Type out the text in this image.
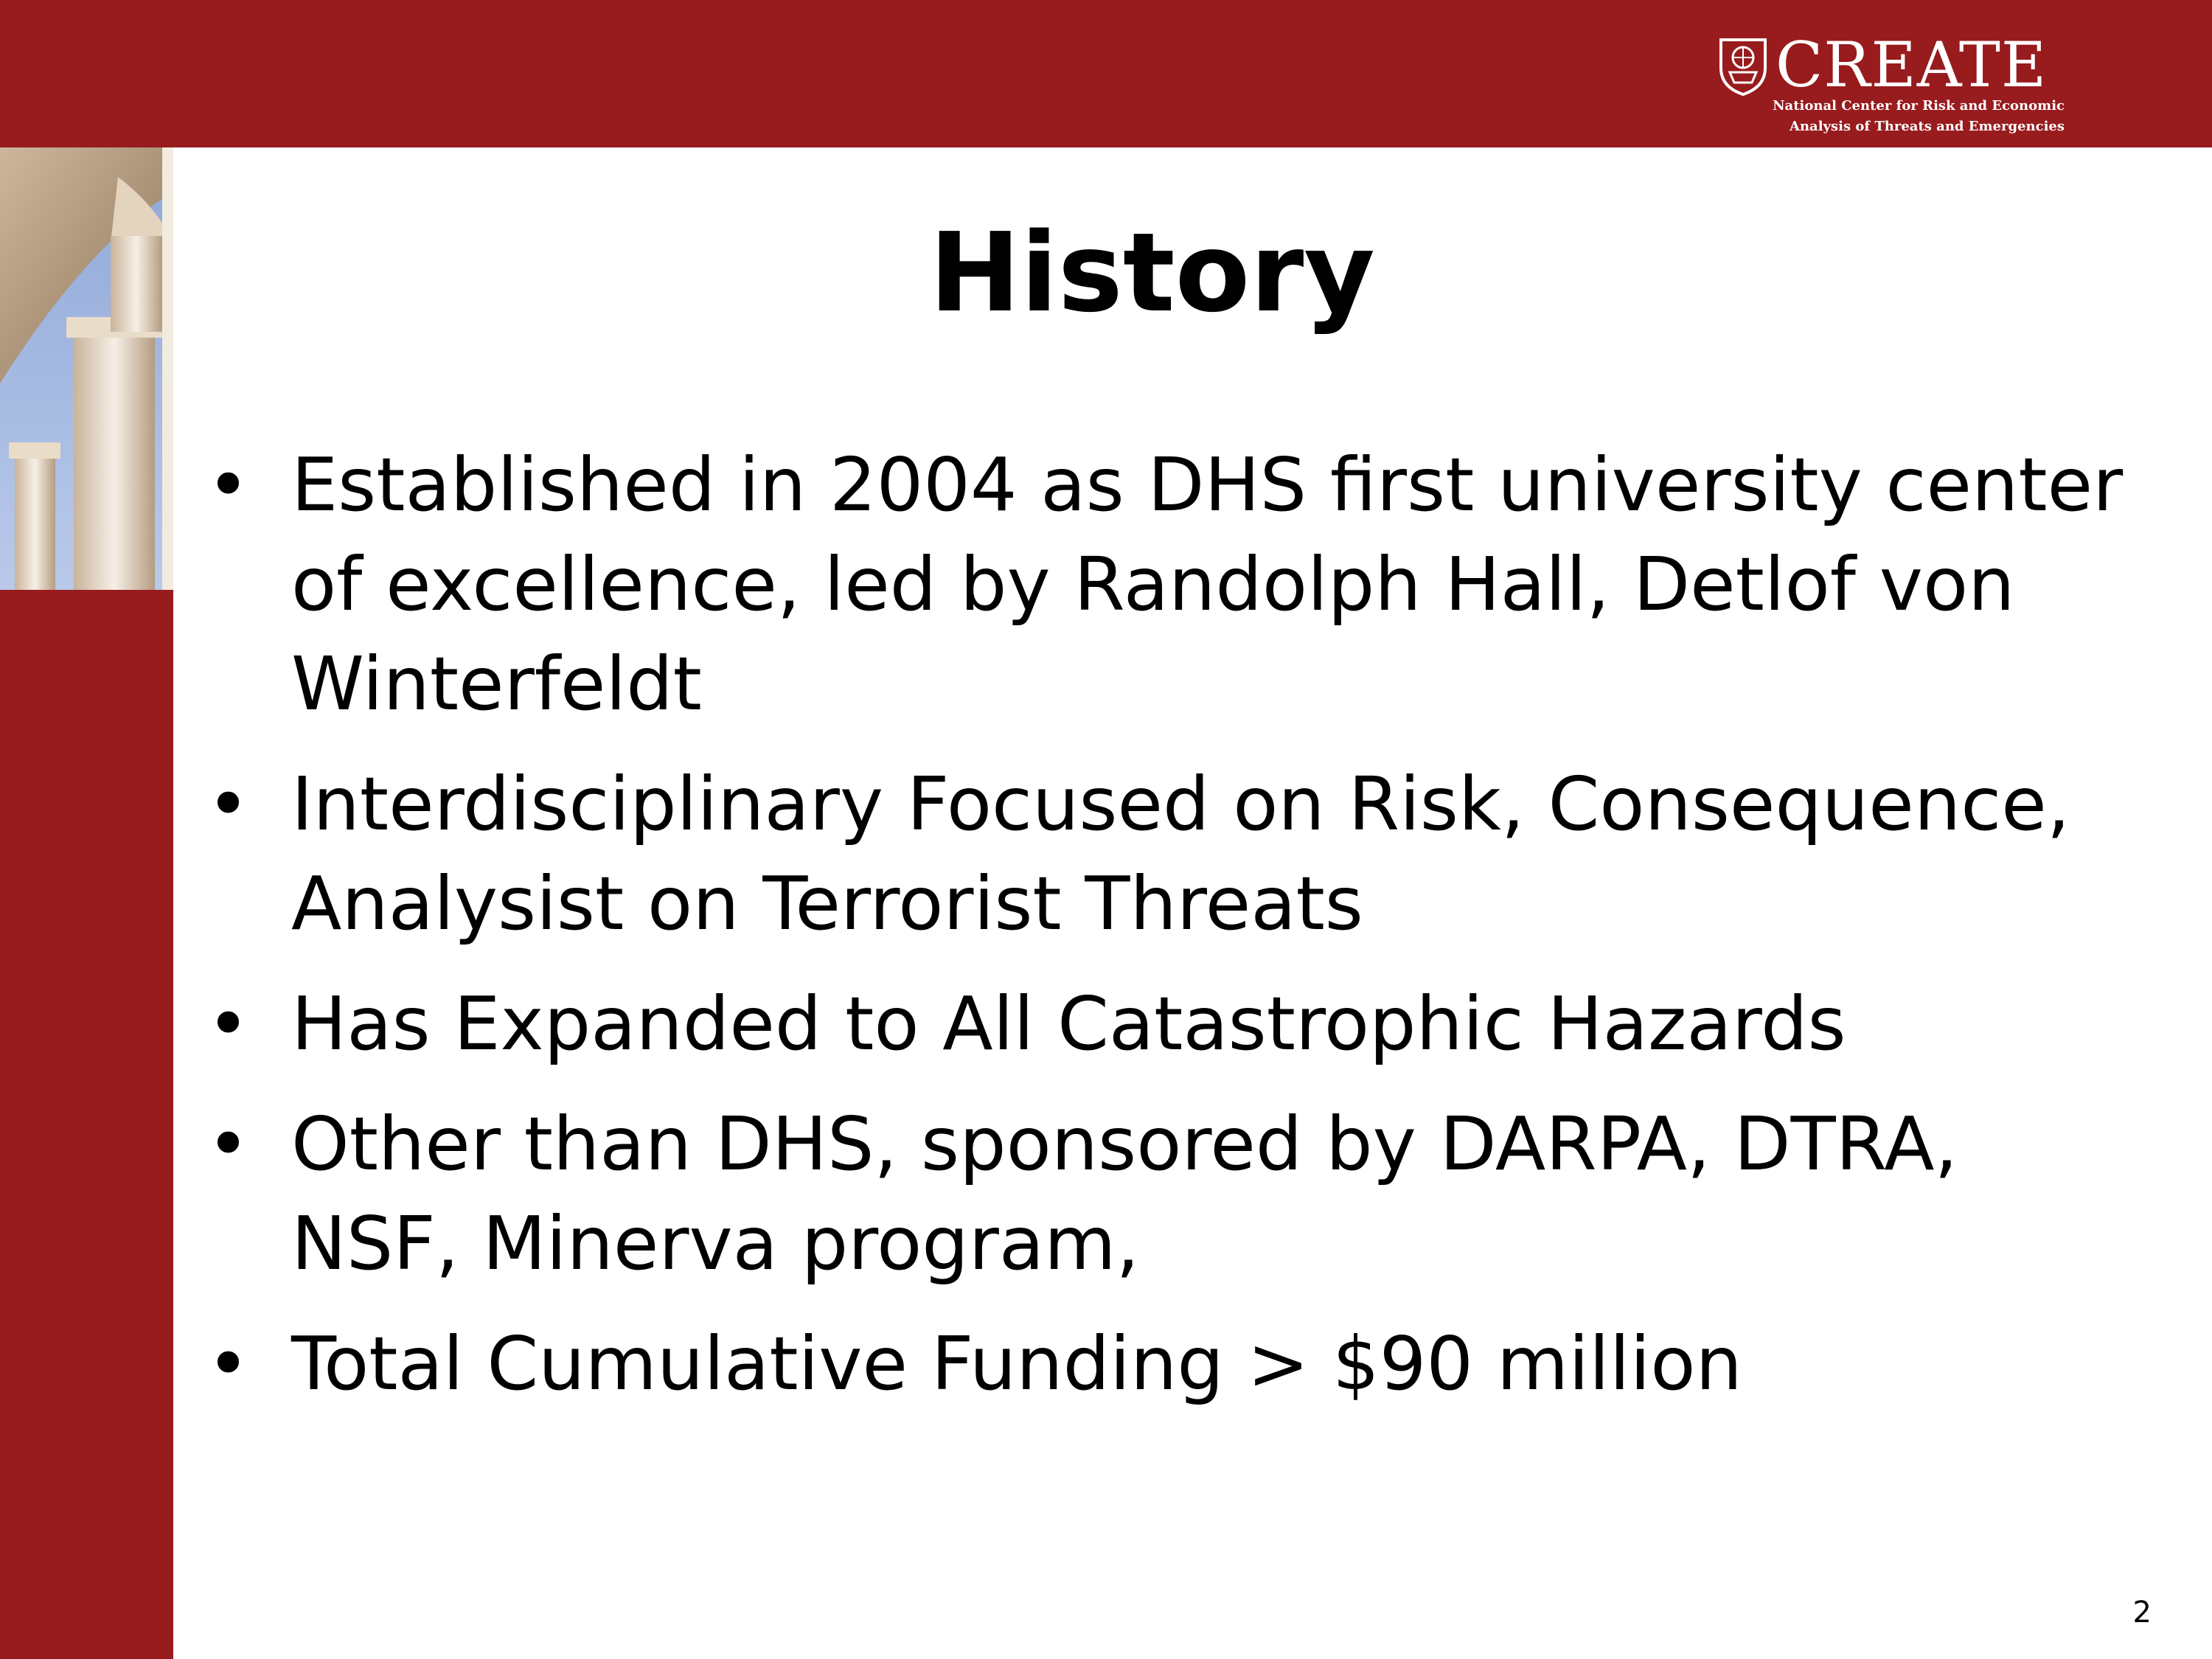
CREATE
National Center for Risk and Economic
Analysis of Threats and Emergencies
History
• Established in 2004 as DHS first university center of excellence, led by Randolph Hall, Detlof von Winterfeldt
• Interdisciplinary Focused on Risk, Consequence, Analysist on Terrorist Threats
• Has Expanded to All Catastrophic Hazards
• Other than DHS, sponsored by DARPA, DTRA, NSF, Minerva program,
• Total Cumulative Funding > $90 million
2
